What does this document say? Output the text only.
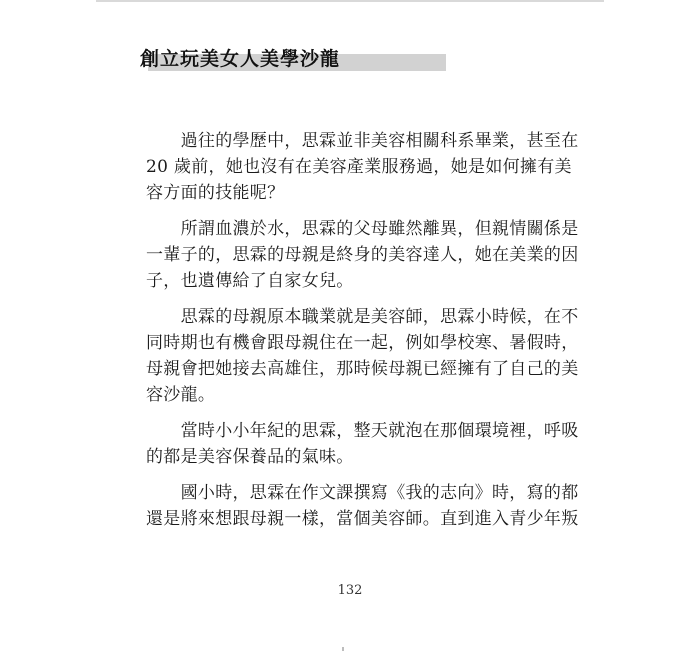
創立玩美女人美學沙龍
　　過往的學歷中，思霖並非美容相關科系畢業，甚至在
20 歲前，她也沒有在美容產業服務過，她是如何擁有美
容方面的技能呢？
　　所謂血濃於水，思霖的父母雖然離異，但親情關係是
一輩子的，思霖的母親是終身的美容達人，她在美業的因
子，也遺傳給了自家女兒。
　　思霖的母親原本職業就是美容師，思霖小時候，在不
同時期也有機會跟母親住在一起，例如學校寒、暑假時，
母親會把她接去高雄住，那時候母親已經擁有了自己的美
容沙龍。
　　當時小小年紀的思霖，整天就泡在那個環境裡，呼吸
的都是美容保養品的氣味。
　　國小時，思霖在作文課撰寫《我的志向》時，寫的都
還是將來想跟母親一樣，當個美容師。直到進入青少年叛
132
